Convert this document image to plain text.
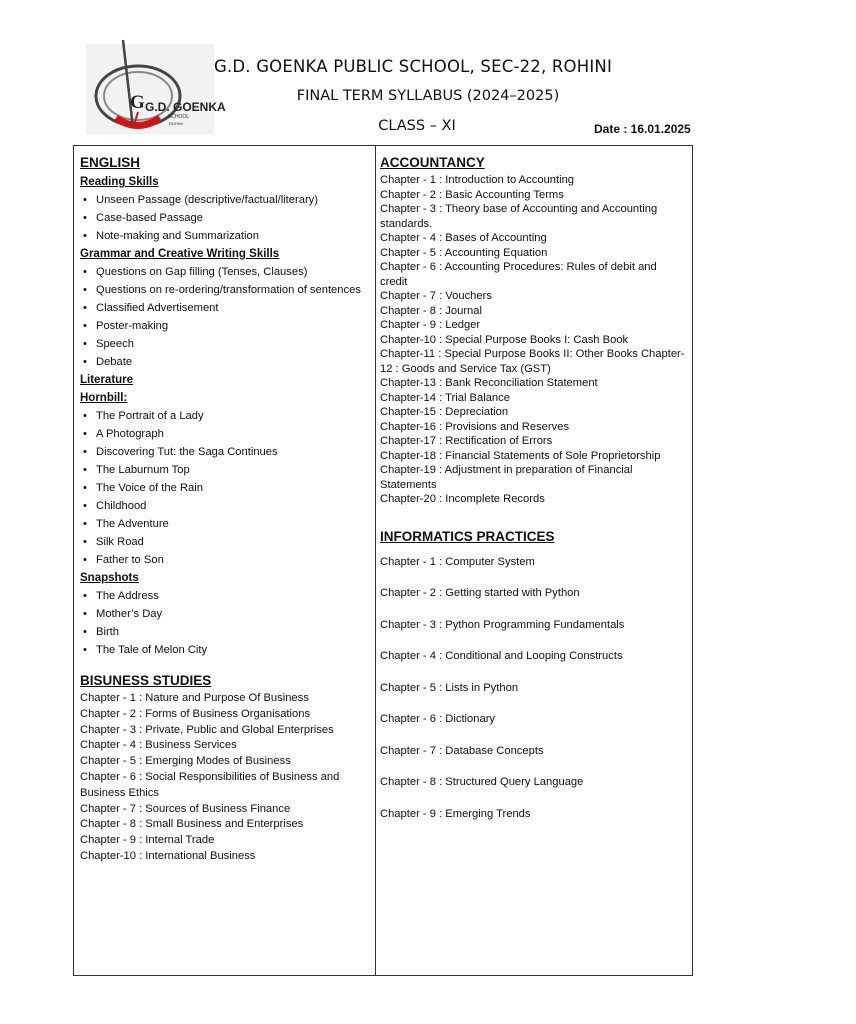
G G.D. GOENKA
SCHOOL
ROHINI
G.D. GOENKA PUBLIC SCHOOL, SEC-22, ROHINI
FINAL TERM SYLLABUS (2024–2025)
CLASS – XI	Date : 16.01.2025
ENGLISH
Reading Skills
• Unseen Passage (descriptive/factual/literary)
• Case-based Passage
• Note-making and Summarization
Grammar and Creative Writing Skills
• Questions on Gap filling (Tenses, Clauses)
• Questions on re-ordering/transformation of sentences
• Classified Advertisement
• Poster-making
• Speech
• Debate
Literature
Hornbill:
• The Portrait of a Lady
• A Photograph
• Discovering Tut: the Saga Continues
• The Laburnum Top
• The Voice of the Rain
• Childhood
• The Adventure
• Silk Road
• Father to Son
Snapshots
• The Address
• Mother’s Day
• Birth
• The Tale of Melon City
BISUNESS STUDIES
Chapter - 1 : Nature and Purpose Of Business
Chapter - 2 : Forms of Business Organisations
Chapter - 3 : Private, Public and Global Enterprises
Chapter - 4 : Business Services
Chapter - 5 : Emerging Modes of Business
Chapter - 6 : Social Responsibilities of Business and Business Ethics
Chapter - 7 : Sources of Business Finance
Chapter - 8 : Small Business and Enterprises
Chapter - 9 : Internal Trade
Chapter-10 : International Business
ACCOUNTANCY
Chapter - 1 : Introduction to Accounting
Chapter - 2 : Basic Accounting Terms
Chapter - 3 : Theory base of Accounting and Accounting standards.
Chapter - 4 : Bases of Accounting
Chapter - 5 : Accounting Equation
Chapter - 6 : Accounting Procedures: Rules of debit and credit
Chapter - 7 : Vouchers
Chapter - 8 : Journal
Chapter - 9 : Ledger
Chapter-10 : Special Purpose Books I: Cash Book
Chapter-11 : Special Purpose Books II: Other Books Chapter-12 : Goods and Service Tax (GST)
Chapter-13 : Bank Reconciliation Statement
Chapter-14 : Trial Balance
Chapter-15 : Depreciation
Chapter-16 : Provisions and Reserves
Chapter-17 : Rectification of Errors
Chapter-18 : Financial Statements of Sole Proprietorship Chapter-19 : Adjustment in preparation of Financial Statements
Chapter-20 : Incomplete Records
INFORMATICS PRACTICES
Chapter - 1 : Computer System
Chapter - 2 : Getting started with Python
Chapter - 3 : Python Programming Fundamentals
Chapter - 4 : Conditional and Looping Constructs
Chapter - 5 : Lists in Python
Chapter - 6 : Dictionary
Chapter - 7 : Database Concepts
Chapter - 8 : Structured Query Language
Chapter - 9 : Emerging Trends
